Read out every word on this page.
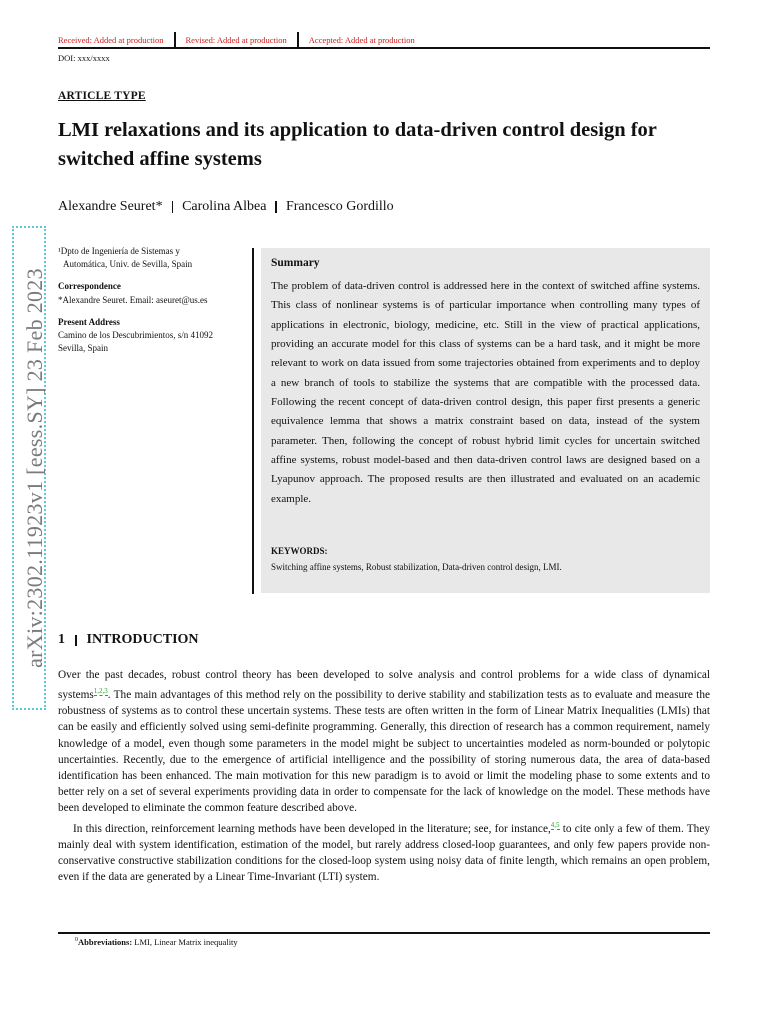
arXiv:2302.11923v1 [eess.SY] 23 Feb 2023
Received: Added at production	Revised: Added at production	Accepted: Added at production
DOI: xxx/xxxx
ARTICLE TYPE
LMI relaxations and its application to data-driven control design for switched affine systems
Alexandre Seuret* Carolina Albea Francesco Gordillo
¹Dpto de Ingeniería de Sistemas y
Automática, Univ. de Sevilla, Spain
Correspondence
*Alexandre Seuret. Email: aseuret@us.es
Present Address
Camino de los Descubrimientos, s/n 41092
Sevilla, Spain
Summary
The problem of data-driven control is addressed here in the context of switched affine systems. This class of nonlinear systems is of particular importance when controlling many types of applications in electronic, biology, medicine, etc. Still in the view of practical applications, providing an accurate model for this class of systems can be a hard task, and it might be more relevant to work on data issued from some trajectories obtained from experiments and to deploy a new branch of tools to stabilize the systems that are compatible with the processed data. Following the recent concept of data-driven control design, this paper first presents a generic equivalence lemma that shows a matrix constraint based on data, instead of the system parameter. Then, following the concept of robust hybrid limit cycles for uncertain switched affine systems, robust model-based and then data-driven control laws are designed based on a Lyapunov approach. The proposed results are then illustrated and evaluated on an academic example.
KEYWORDS:
Switching affine systems, Robust stabilization, Data-driven control design, LMI.
1 INTRODUCTION

Over the past decades, robust control theory has been developed to solve analysis and control problems for a wide class of dynamical systems$^{1,2,3}$. The main advantages of this method rely on the possibility to derive stability and stabilization tests as to evaluate and measure the robustness of systems as to control these uncertain systems. These tests are often written in the form of Linear Matrix Inequalities (LMIs) that can be easily and efficiently solved using semi-definite programming. Generally, this direction of research has a common requirement, namely knowledge of a model, even though some parameters in the model might be subject to uncertainties modeled as norm-bounded or polytopic uncertainties. Recently, due to the emergence of artificial intelligence and the possibility of storing numerous data, the area of data-based identification has been enhanced. The main motivation for this new paradigm is to avoid or limit the modeling phase to some extents and to better rely on a set of several experiments providing data in order to compensate for the lack of knowledge on the model. These methods have been developed to eliminate the common feature described above.

In this direction, reinforcement learning methods have been developed in the literature; see, for instance,$^{4,5}$ to cite only a few of them. They mainly deal with system identification, estimation of the model, but rarely address closed-loop guarantees, and only few papers provide non-conservative constructive stabilization conditions for the closed-loop system using noisy data of finite length, which remains an open problem, even if the data are generated by a Linear Time-Invariant (LTI) system.

$^0$Abbreviations: LMI, Linear Matrix inequality
